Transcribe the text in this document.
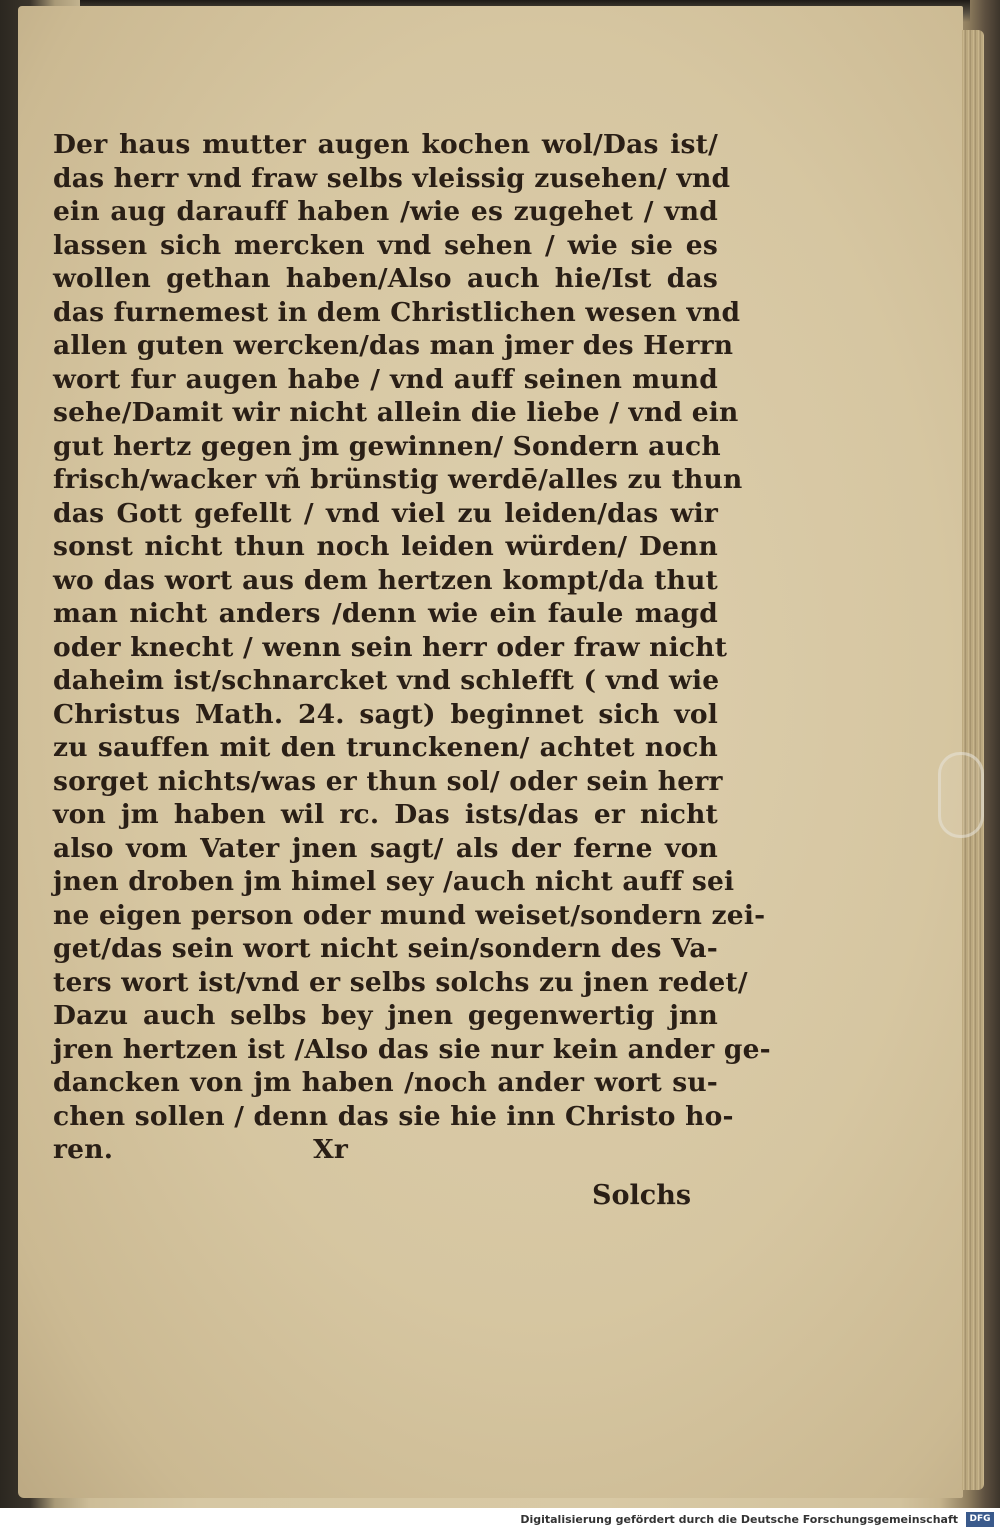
Der haus mutter augen kochen wol/Das ist/
das herr vnd fraw selbs vleissig zusehen/ vnd
ein aug darauff haben /wie es zugehet / vnd
lassen sich mercken vnd sehen / wie sie es
wollen gethan haben/Also auch hie/Ist das
das furnemest in dem Christlichen wesen vnd
allen guten wercken/das man jmer des Herrn
wort fur augen habe / vnd auff seinen mund
sehe/Damit wir nicht allein die liebe / vnd ein
gut hertz gegen jm gewinnen/ Sondern auch
frisch/wacker vñ brünstig werdē/alles zu thun
das Gott gefellt / vnd viel zu leiden/das wir
sonst nicht thun noch leiden würden/ Denn
wo das wort aus dem hertzen kompt/da thut
man nicht anders /denn wie ein faule magd
oder knecht / wenn sein herr oder fraw nicht
daheim ist/schnarcket vnd schlefft ( vnd wie
Christus Math. 24. sagt) beginnet sich vol
zu sauffen mit den trunckenen/ achtet noch
sorget nichts/was er thun sol/ oder sein herr
von jm haben wil rc. Das ists/das er nicht
also vom Vater jnen sagt/ als der ferne von
jnen droben jm himel sey /auch nicht auff sei
ne eigen person oder mund weiset/sondern zei-
get/das sein wort nicht sein/sondern des Va-
ters wort ist/vnd er selbs solchs zu jnen redet/
Dazu auch selbs bey jnen gegenwertig jnn
jren hertzen ist /Also das sie nur kein ander ge-
dancken von jm haben /noch ander wort su-
chen sollen / denn das sie hie inn Christo ho-
ren.	Xr
Solchs
Digitalisierung gefördert durch die Deutsche Forschungsgemeinschaft	DFG
